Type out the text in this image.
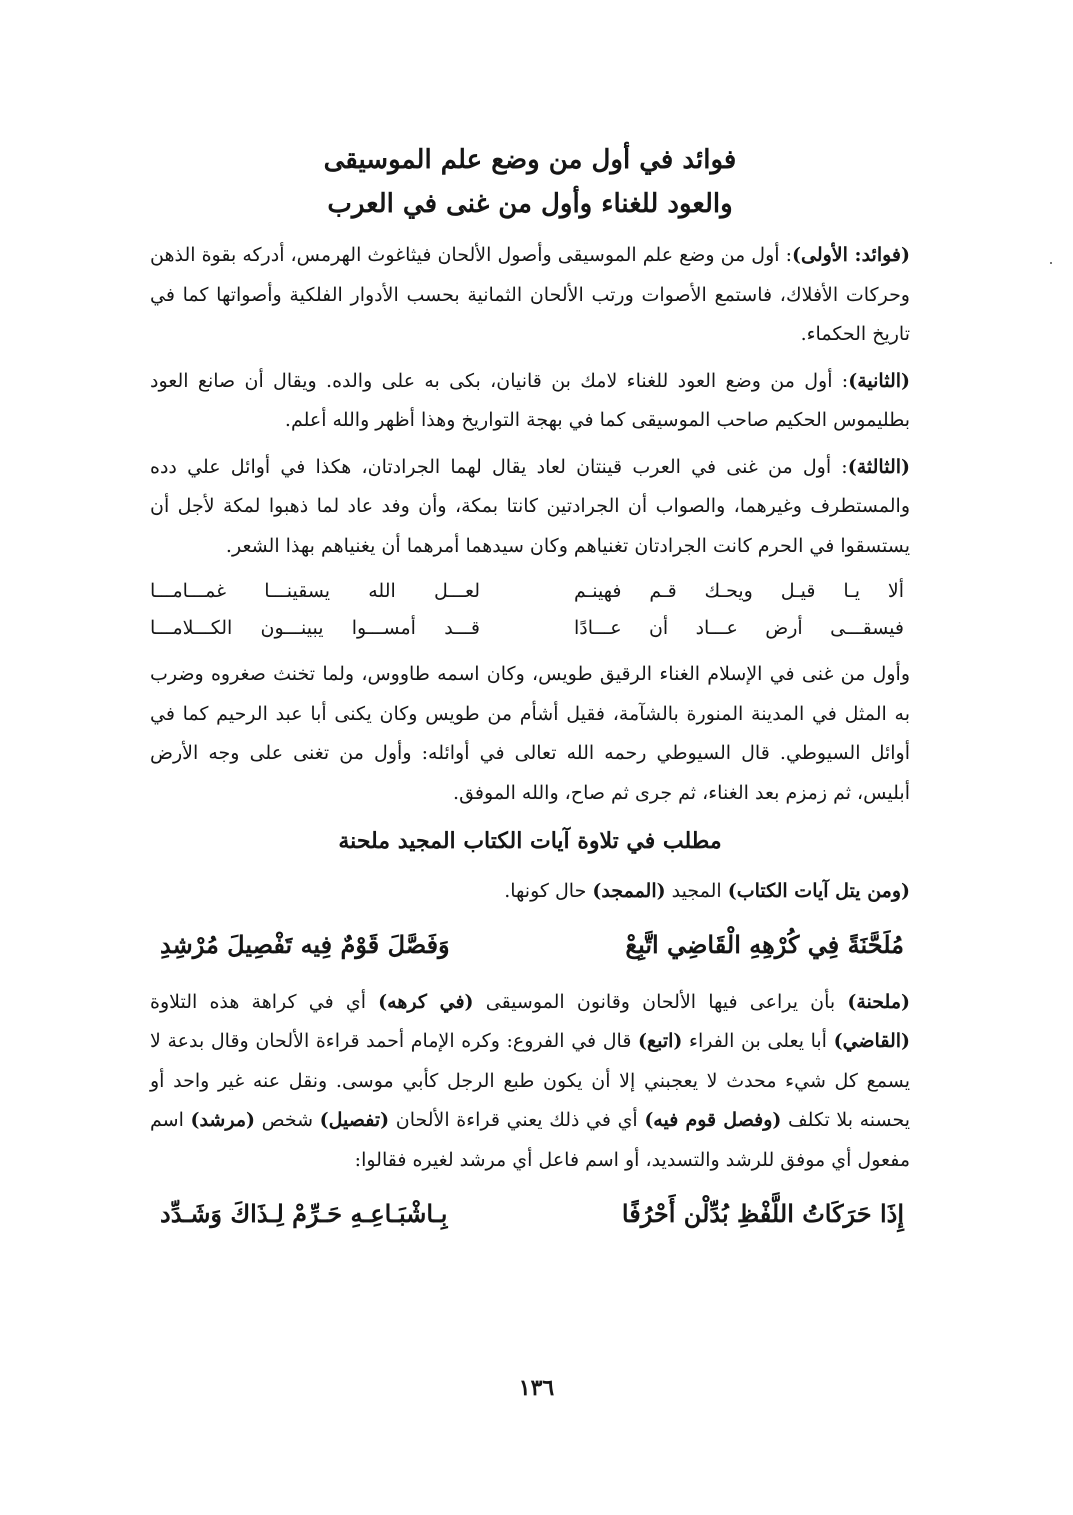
فوائد في أول من وضع علم الموسيقى
والعود للغناء وأول من غنى في العرب

(فوائد: الأولى): أول من وضع علم الموسيقى وأصول الألحان فيثاغوث الهرمس، أدركه بقوة الذهن وحركات الأفلاك، فاستمع الأصوات ورتب الألحان الثمانية بحسب الأدوار الفلكية وأصواتها كما في تاريخ الحكماء.

(الثانية): أول من وضع العود للغناء لامك بن قانيان، بكى به على والده. ويقال أن صانع العود بطليموس الحكيم صاحب الموسيقى كما في بهجة التواريخ وهذا أظهر والله أعلم.

(الثالثة): أول من غنى في العرب قينتان لعاد يقال لهما الجرادتان، هكذا في أوائل علي دده والمستطرف وغيرهما، والصواب أن الجرادتين كانتا بمكة، وأن وفد عاد لما ذهبوا لمكة لأجل أن يستسقوا في الحرم كانت الجرادتان تغنياهم وكان سيدهما أمرهما أن يغنياهم بهذا الشعر.

ألا يـا قيـل ويحـك قـم فهينـم
لعـــل الله يسقينـــا غمـــامـــا
فيسقـــى أرض عـــاد أن عـــادًا
قـــد أمســـوا يبينـــون الكـــلامـــا

وأول من غنى في الإسلام الغناء الرقيق طويس، وكان اسمه طاووس، ولما تخنث صغروه وضرب به المثل في المدينة المنورة بالشآمة، فقيل أشأم من طويس وكان يكنى أبا عبد الرحيم كما في أوائل السيوطي. قال السيوطي رحمه الله تعالى في أوائله: وأول من تغنى على وجه الأرض أبليس، ثم زمزم بعد الغناء، ثم جرى ثم صاح، والله الموفق.

مطلب في تلاوة آيات الكتاب المجيد ملحنة

(ومن يتل آيات الكتاب) المجيد (الممجد) حال كونها.

مُلَحَّنَةً فِي كُرْهِهِ الْقَاضِي اتَّبِعْ
وَفَصَّلَ قَوْمٌ فِيه تَفْصِيلَ مُرْشِدِ

(ملحنة) بأن يراعى فيها الألحان وقانون الموسيقى (في كرهه) أي في كراهة هذه التلاوة (القاضي) أبا يعلى بن الفراء (اتبع) قال في الفروع: وكره الإمام أحمد قراءة الألحان وقال بدعة لا يسمع كل شيء محدث لا يعجبني إلا أن يكون طبع الرجل كأبي موسى. ونقل عنه غير واحد أو يحسنه بلا تكلف (وفصل قوم فيه) أي في ذلك يعني قراءة الألحان (تفصيل) شخص (مرشد) اسم مفعول أي موفق للرشد والتسديد، أو اسم فاعل أي مرشد لغيره فقالوا:

إِذَا حَرَكَاتُ اللَّفْظِ بُدِّلْن أَحْرُفًا
بِـاشْبَـاعِـهِ حَـرِّمْ لِـذَاكَ وَشَـدِّد
١٣٦
